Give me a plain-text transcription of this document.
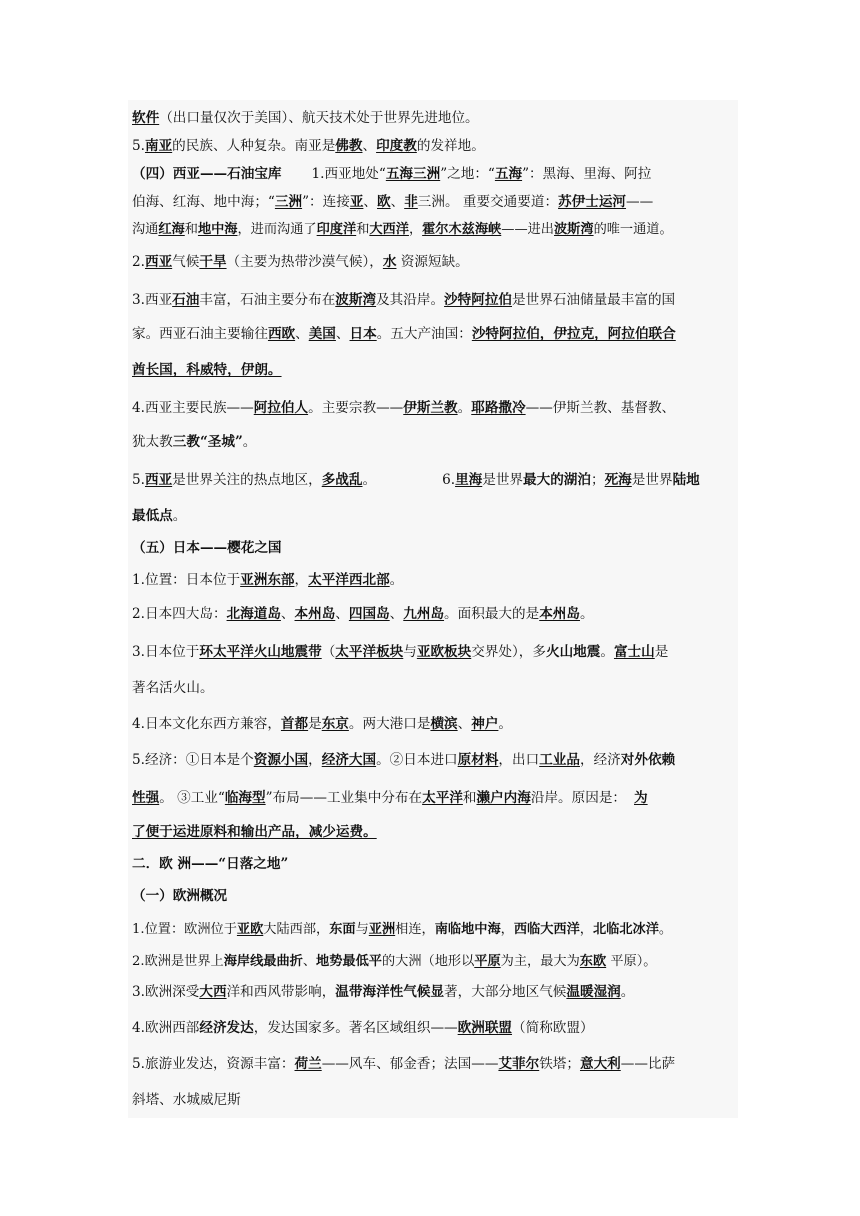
软件（出口量仅次于美国）、航天技术处于世界先进地位。
5.南亚的民族、人种复杂。南亚是佛教、印度教的发祥地。
（四）西亚——石油宝库 1.西亚地处“五海三洲”之地：“五海”：黑海、里海、阿拉
伯海、红海、地中海；“三洲”：连接亚、欧、非三洲。 重要交通要道：苏伊士运河——
沟通红海和地中海，进而沟通了印度洋和大西洋，霍尔木兹海峡——进出波斯湾的唯一通道。
2.西亚气候干旱（主要为热带沙漠气候），水 资源短缺。
3.西亚石油丰富，石油主要分布在波斯湾及其沿岸。沙特阿拉伯是世界石油储量最丰富的国
家。西亚石油主要输往西欧、美国、日本。五大产油国：沙特阿拉伯，伊拉克，阿拉伯联合
酋长国，科威特，伊朗。
4.西亚主要民族——阿拉伯人。主要宗教——伊斯兰教。耶路撒冷——伊斯兰教、基督教、
犹太教三教“圣城”。
5.西亚是世界关注的热点地区，多战乱。	6.里海是世界最大的湖泊；死海是世界陆地
最低点。
（五）日本——樱花之国
1.位置：日本位于亚洲东部，太平洋西北部。
2.日本四大岛：北海道岛、本州岛、四国岛、九州岛。面积最大的是本州岛。
3.日本位于环太平洋火山地震带（太平洋板块与亚欧板块交界处），多火山地震。富士山是
著名活火山。
4.日本文化东西方兼容，首都是东京。两大港口是横滨、神户。
5.经济：①日本是个资源小国，经济大国。②日本进口原材料，出口工业品，经济对外依赖
性强。 ③工业“临海型”布局——工业集中分布在太平洋和濑户内海沿岸。原因是： 为
了便于运进原料和输出产品，减少运费。
二．欧 洲——“日落之地”
（一）欧洲概况
1.位置：欧洲位于亚欧大陆西部，东面与亚洲相连，南临地中海，西临大西洋，北临北冰洋。
2.欧洲是世界上海岸线最曲折、地势最低平的大洲（地形以平原为主，最大为东欧 平原）。
3.欧洲深受大西洋和西风带影响，温带海洋性气候显著，大部分地区气候温暖湿润。
4.欧洲西部经济发达，发达国家多。著名区域组织——欧洲联盟（简称欧盟）
5.旅游业发达，资源丰富：荷兰——风车、郁金香；法国——艾菲尔铁塔；意大利——比萨
斜塔、水城威尼斯
